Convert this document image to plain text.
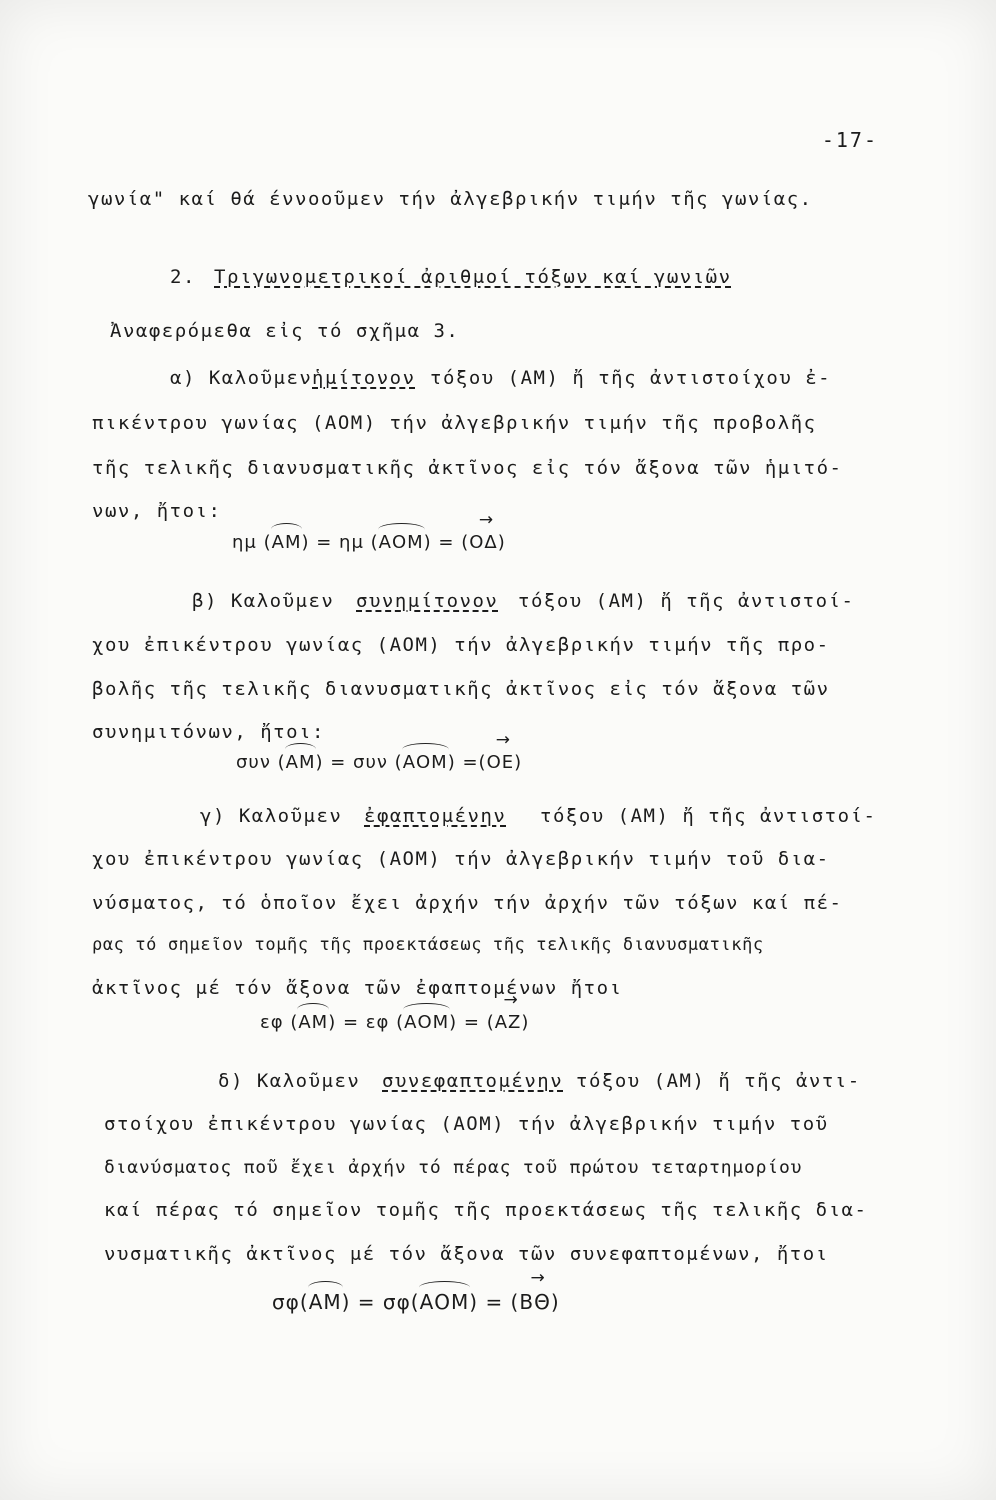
-17-
γωνία" καί θά έννοοῦμεν τήν ἀλγεβρικήν τιμήν τῆς γωνίας.
2. Τριγωνομετρικοί ἀριθμοί τόξων καί γωνιῶν
Ἀναφερόμεθα εἰς τό σχῆμα 3.
α) Καλοῦμεν ἡμίτονον τόξου (ΑΜ) ἤ τῆς ἀντιστοίχου ἐ-
πικέντρου γωνίας (ΑΟΜ) τήν ἀλγεβρικήν τιμήν τῆς προβολῆς
τῆς τελικῆς διανυσματικῆς ἀκτῖνος εἰς τόν ἄξονα τῶν ἡμιτό-
νων, ἤτοι:
ημ (ΑΜ) = ημ (ΑΟΜ) = (→ ΟΔ)
β) Καλοῦμεν συνημίτονον τόξου (ΑΜ) ἤ τῆς ἀντιστοί-
χου ἐπικέντρου γωνίας (ΑΟΜ) τήν ἀλγεβρικήν τιμήν τῆς προ-
βολῆς τῆς τελικῆς διανυσματικῆς ἀκτῖνος εἰς τόν ἄξονα τῶν
συνημιτόνων, ἤτοι:
συν (ΑΜ) = συν (ΑΟΜ) =(→ ΟΕ)
γ) Καλοῦμεν ἐφαπτομένην τόξου (ΑΜ) ἤ τῆς ἀντιστοί-
χου ἐπικέντρου γωνίας (ΑΟΜ) τήν ἀλγεβρικήν τιμήν τοῦ δια-
νύσματος, τό ὁποῖον ἔχει ἀρχήν τήν ἀρχήν τῶν τόξων καί πέ-
ρας τό σημεῖον τομῆς τῆς προεκτάσεως τῆς τελικῆς διανυσματικῆς
ἀκτῖνος μέ τόν ἄξονα τῶν ἐφαπτομένων ἤτοι
εφ (ΑΜ) = εφ (ΑΟΜ) = (→ ΑΖ)
δ) Καλοῦμεν συνεφαπτομένην τόξου (ΑΜ) ἤ τῆς ἀντι-
στοίχου ἐπικέντρου γωνίας (ΑΟΜ) τήν ἀλγεβρικήν τιμήν τοῦ
διανύσματος ποῦ ἔχει ἀρχήν τό πέρας τοῦ πρώτου τεταρτημορίου
καί πέρας τό σημεῖον τομῆς τῆς προεκτάσεως τῆς τελικῆς δια-
νυσματικῆς ἀκτῖνος μέ τόν ἄξονα τῶν συνεφαπτομένων, ἤτοι
σφ(ΑΜ) = σφ(ΑΟΜ) = (→ ΒΘ)
